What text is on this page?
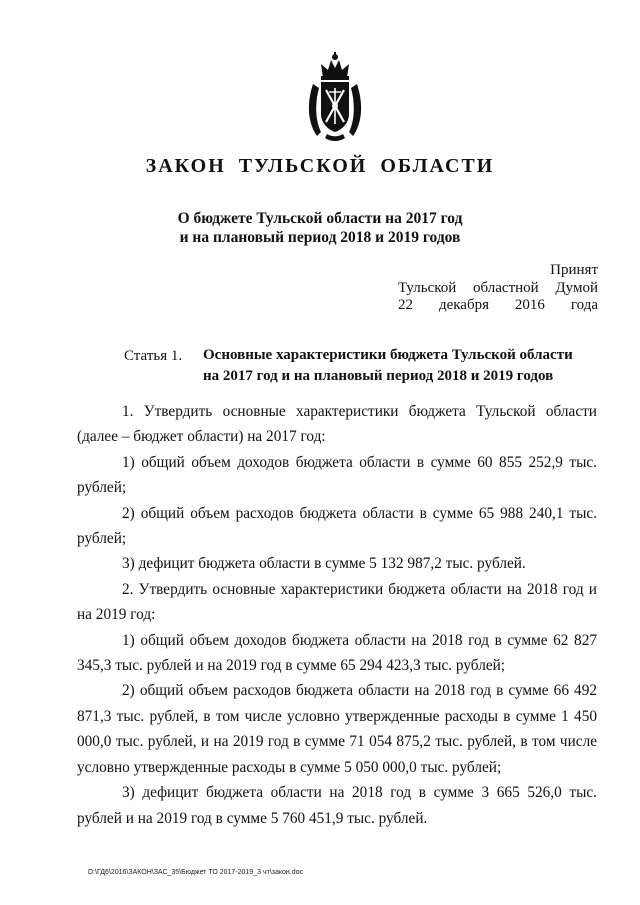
ЗАКОН ТУЛЬСКОЙ ОБЛАСТИ
О бюджете Тульской области на 2017 год
и на плановый период 2018 и 2019 годов
Принят
Тульской областной Думой
22 декабря 2016 года
Статья 1. Основные характеристики бюджета Тульской области
на 2017 год и на плановый период 2018 и 2019 годов

1. Утвердить основные характеристики бюджета Тульской области (далее – бюджет области) на 2017 год:

1) общий объем доходов бюджета области в сумме 60 855 252,9 тыс. рублей;

2) общий объем расходов бюджета области в сумме 65 988 240,1 тыс. рублей;

3) дефицит бюджета области в сумме 5 132 987,2 тыс. рублей.

2. Утвердить основные характеристики бюджета области на 2018 год и на 2019 год:

1) общий объем доходов бюджета области на 2018 год в сумме 62 827 345,3 тыс. рублей и на 2019 год в сумме 65 294 423,3 тыс. рублей;

2) общий объем расходов бюджета области на 2018 год в сумме 66 492 871,3 тыс. рублей, в том числе условно утвержденные расходы в сумме 1 450 000,0 тыс. рублей, и на 2019 год в сумме 71 054 875,2 тыс. рублей, в том числе условно утвержденные расходы в сумме 5 050 000,0 тыс. рублей;

3) дефицит бюджета области на 2018 год в сумме 3 665 526,0 тыс. рублей и на 2019 год в сумме 5 760 451,9 тыс. рублей.

D:\ГД6\2016\ЗАКОН\ЗАС_35\Бюджет ТО 2017-2019_3 чт\закон.doc
